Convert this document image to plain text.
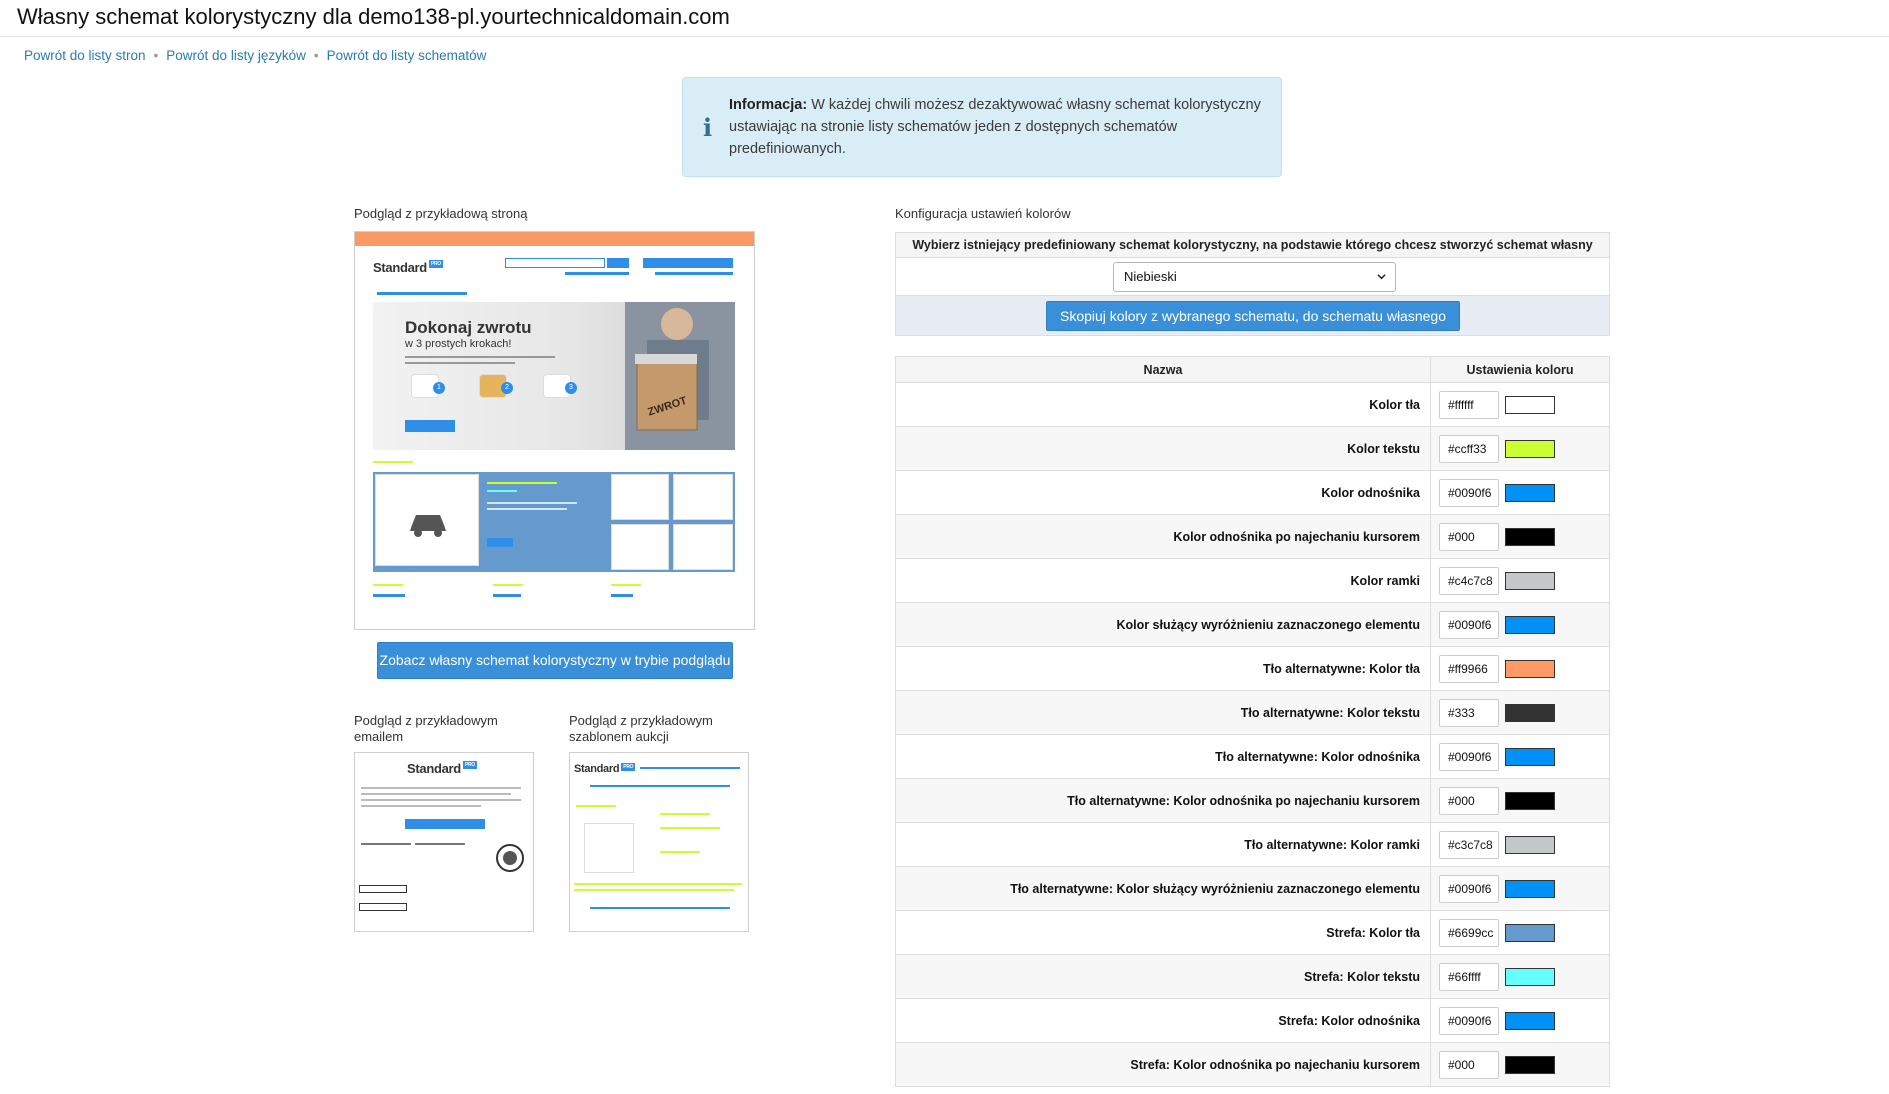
Własny schemat kolorystyczny dla demo138-pl.yourtechnicaldomain.com
Powrót do listy stron • Powrót do listy języków • Powrót do listy schematów
i
Informacja: W każdej chwili możesz dezaktywować własny schemat kolorystyczny ustawiając na stronie listy schematów jeden z dostępnych schematów predefiniowanych.
Podgląd z przykładową stroną
Standard PRO
Dokonaj zwrotu
w 3 prostych krokach!
1	2	3
ZWROT
Zobacz własny schemat kolorystyczny w trybie podglądu
Podgląd z przykładowym emailem
Standard PRO
Podgląd z przykładowym szablonem aukcji
Standard PRO
Konfiguracja ustawień kolorów
Wybierz istniejący predefiniowany schemat kolorystyczny, na podstawie którego chcesz stworzyć schemat własny
Niebieski
Skopiuj kolory z wybranego schematu, do schematu własnego
Nazwa	Ustawienia koloru
Kolor tła	#ffffff
Kolor tekstu	#ccff33
Kolor odnośnika	#0090f6
Kolor odnośnika po najechaniu kursorem	#000
Kolor ramki	#c4c7c8
Kolor służący wyróżnieniu zaznaczonego elementu	#0090f6
Tło alternatywne: Kolor tła	#ff9966
Tło alternatywne: Kolor tekstu	#333
Tło alternatywne: Kolor odnośnika	#0090f6
Tło alternatywne: Kolor odnośnika po najechaniu kursorem	#000
Tło alternatywne: Kolor ramki	#c3c7c8
Tło alternatywne: Kolor służący wyróżnieniu zaznaczonego elementu	#0090f6
Strefa: Kolor tła	#6699cc
Strefa: Kolor tekstu	#66ffff
Strefa: Kolor odnośnika	#0090f6
Strefa: Kolor odnośnika po najechaniu kursorem	#000
